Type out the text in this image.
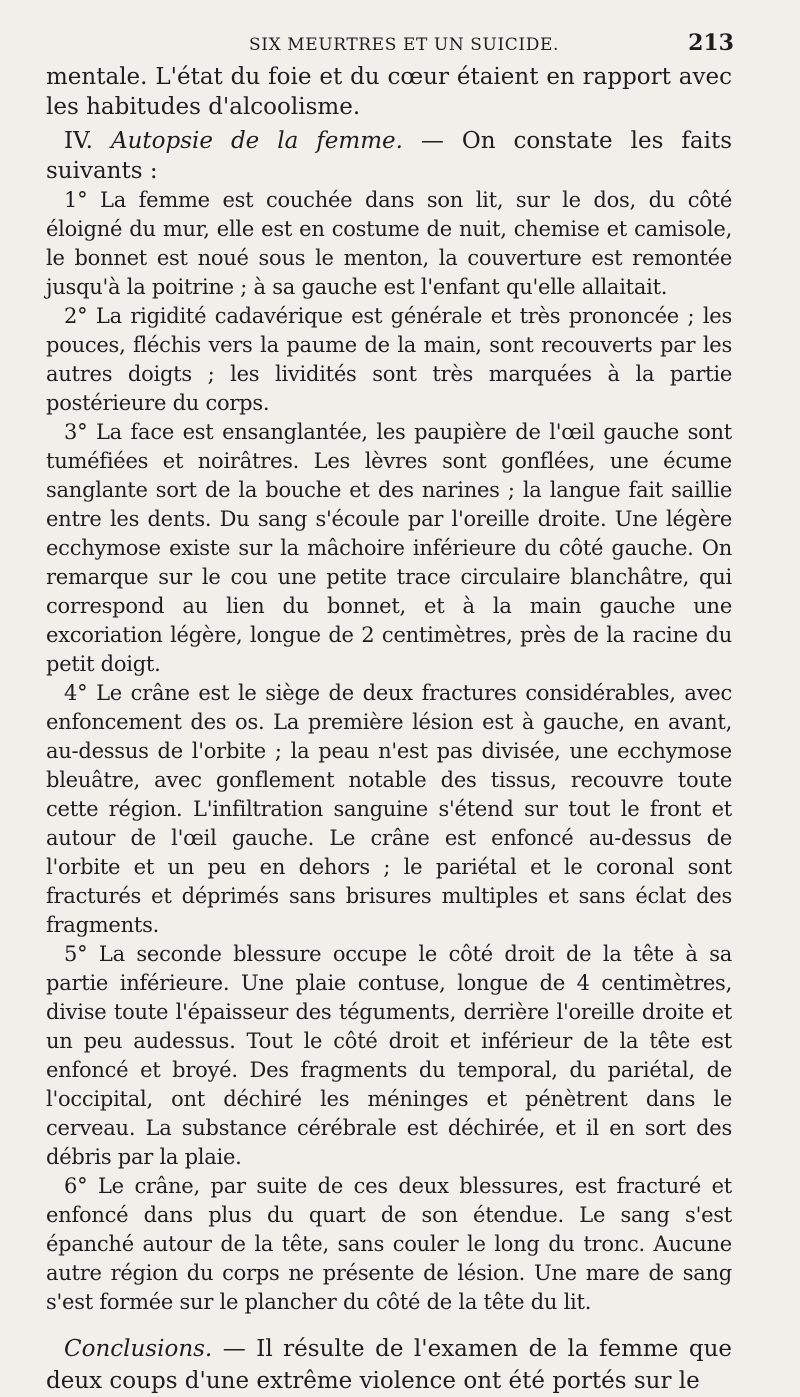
SIX MEURTRES ET UN SUICIDE.	213

mentale. L'état du foie et du cœur étaient en rapport avec les habitudes d'alcoolisme.

IV. Autopsie de la femme. — On constate les faits suivants :

1° La femme est couchée dans son lit, sur le dos, du côté éloigné du mur, elle est en costume de nuit, chemise et camisole, le bonnet est noué sous le menton, la couverture est remontée jusqu'à la poitrine ; à sa gauche est l'enfant qu'elle allaitait.

2° La rigidité cadavérique est générale et très prononcée ; les pouces, fléchis vers la paume de la main, sont recouverts par les autres doigts ; les lividités sont très marquées à la partie postérieure du corps.

3° La face est ensanglantée, les paupière de l'œil gauche sont tuméfiées et noirâtres. Les lèvres sont gonflées, une écume sanglante sort de la bouche et des narines ; la langue fait saillie entre les dents. Du sang s'écoule par l'oreille droite. Une légère ecchymose existe sur la mâchoire inférieure du côté gauche. On remarque sur le cou une petite trace circulaire blanchâtre, qui correspond au lien du bonnet, et à la main gauche une excoriation légère, longue de 2 centimètres, près de la racine du petit doigt.

4° Le crâne est le siège de deux fractures considérables, avec enfoncement des os. La première lésion est à gauche, en avant, au-dessus de l'orbite ; la peau n'est pas divisée, une ecchymose bleuâtre, avec gonflement notable des tissus, recouvre toute cette région. L'infiltration sanguine s'étend sur tout le front et autour de l'œil gauche. Le crâne est enfoncé au-dessus de l'orbite et un peu en dehors ; le pariétal et le coronal sont fracturés et déprimés sans brisures multiples et sans éclat des fragments.

5° La seconde blessure occupe le côté droit de la tête à sa partie inférieure. Une plaie contuse, longue de 4 centimètres, divise toute l'épaisseur des téguments, derrière l'oreille droite et un peu audessus. Tout le côté droit et inférieur de la tête est enfoncé et broyé. Des fragments du temporal, du pariétal, de l'occipital, ont déchiré les méninges et pénètrent dans le cerveau. La substance cérébrale est déchirée, et il en sort des débris par la plaie.

6° Le crâne, par suite de ces deux blessures, est fracturé et enfoncé dans plus du quart de son étendue. Le sang s'est épanché autour de la tête, sans couler le long du tronc. Aucune autre région du corps ne présente de lésion. Une mare de sang s'est formée sur le plancher du côté de la tête du lit.

Conclusions. — Il résulte de l'examen de la femme que deux coups d'une extrême violence ont été portés sur le
